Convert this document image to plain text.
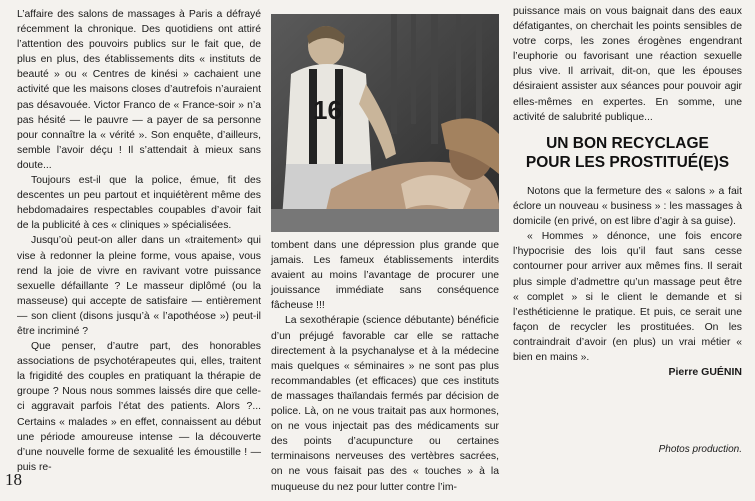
L’affaire des salons de massages à Paris a défrayé récemment la chronique. Des quotidiens ont attiré l’attention des pouvoirs publics sur le fait que, de plus en plus, des établissements dits « instituts de beauté » ou « Centres de kinési » cachaient une activité que les maisons closes d’autrefois n’auraient pas désavouée. Victor Franco de « France-soir » n’a pas hésité — le pauvre — a payer de sa personne pour connaître la « vérité ». Son enquête, d’ailleurs, semble l’avoir déçu ! Il s’attendait à mieux sans doute...

Toujours est-il que la police, émue, fit des descentes un peu partout et inquiétèrent même des hebdomadaires respectables coupables d’avoir fait de la publicité à ces « cliniques » spécialisées.

Jusqu’où peut-on aller dans un «traitement» qui vise à redonner la pleine forme, vous apaise, vous rend la joie de vivre en ravivant votre puissance sexuelle défaillante ? Le masseur diplômé (ou la masseuse) qui accepte de satisfaire — entièrement — son client (disons jusqu’à « l’apothéose ») peut-il être incriminé ?

Que penser, d’autre part, des honorables associations de psychotérapeutes qui, elles, traitent la frigidité des couples en pratiquant la thérapie de groupe ? Nous nous sommes laissés dire que celle-ci aggravait parfois l’état des patients. Alors ?... Certains « malades » en effet, connaissent au début une période amoureuse intense — la découverte d’une nouvelle forme de sexualité les émoustille ! — puis re-

16

tombent dans une dépression plus grande que jamais. Les fameux établissements interdits avaient au moins l’avantage de procurer une jouissance immédiate sans conséquence fâcheuse !!!

La sexothérapie (science débutante) bénéficie d’un préjugé favorable car elle se rattache directement à la psychanalyse et à la médecine mais quelques « séminaires » ne sont pas plus recommandables (et efficaces) que ces instituts de massages thaïlandais fermés par décision de police. Là, on ne vous traitait pas aux hormones, on ne vous injectait pas des médicaments sur des points d’acupuncture ou certaines terminaisons nerveuses des vertèbres sacrées, on ne vous faisait pas des « touches » à la muqueuse du nez pour lutter contre l’im-

puissance mais on vous baignait dans des eaux défatigantes, on cherchait les points sensibles de votre corps, les zones érogènes engendrant l’euphorie ou favorisant une réaction sexuelle plus vive. Il arrivait, dit-on, que les épouses désiraient assister aux séances pour pouvoir agir elles-mêmes en expertes. En somme, une activité de salubrité publique...

UN BON RECYCLAGE
POUR LES PROSTITUÉ(E)S

Notons que la fermeture des « salons » a fait éclore un nouveau « business » : les massages à domicile (en privé, on est libre d’agir à sa guise).

« Hommes » dénonce, une fois encore l’hypocrisie des lois qu’il faut sans cesse contourner pour arriver aux mêmes fins. Il serait plus simple d’admettre qu’un massage peut être « complet » si le client le demande et si l’esthéticienne le pratique. Et puis, ce serait une façon de recycler les prostituées. On les contraindrait d’avoir (en plus) un vrai métier « bien en mains ».

Pierre GUÉNIN
Photos production.
18
